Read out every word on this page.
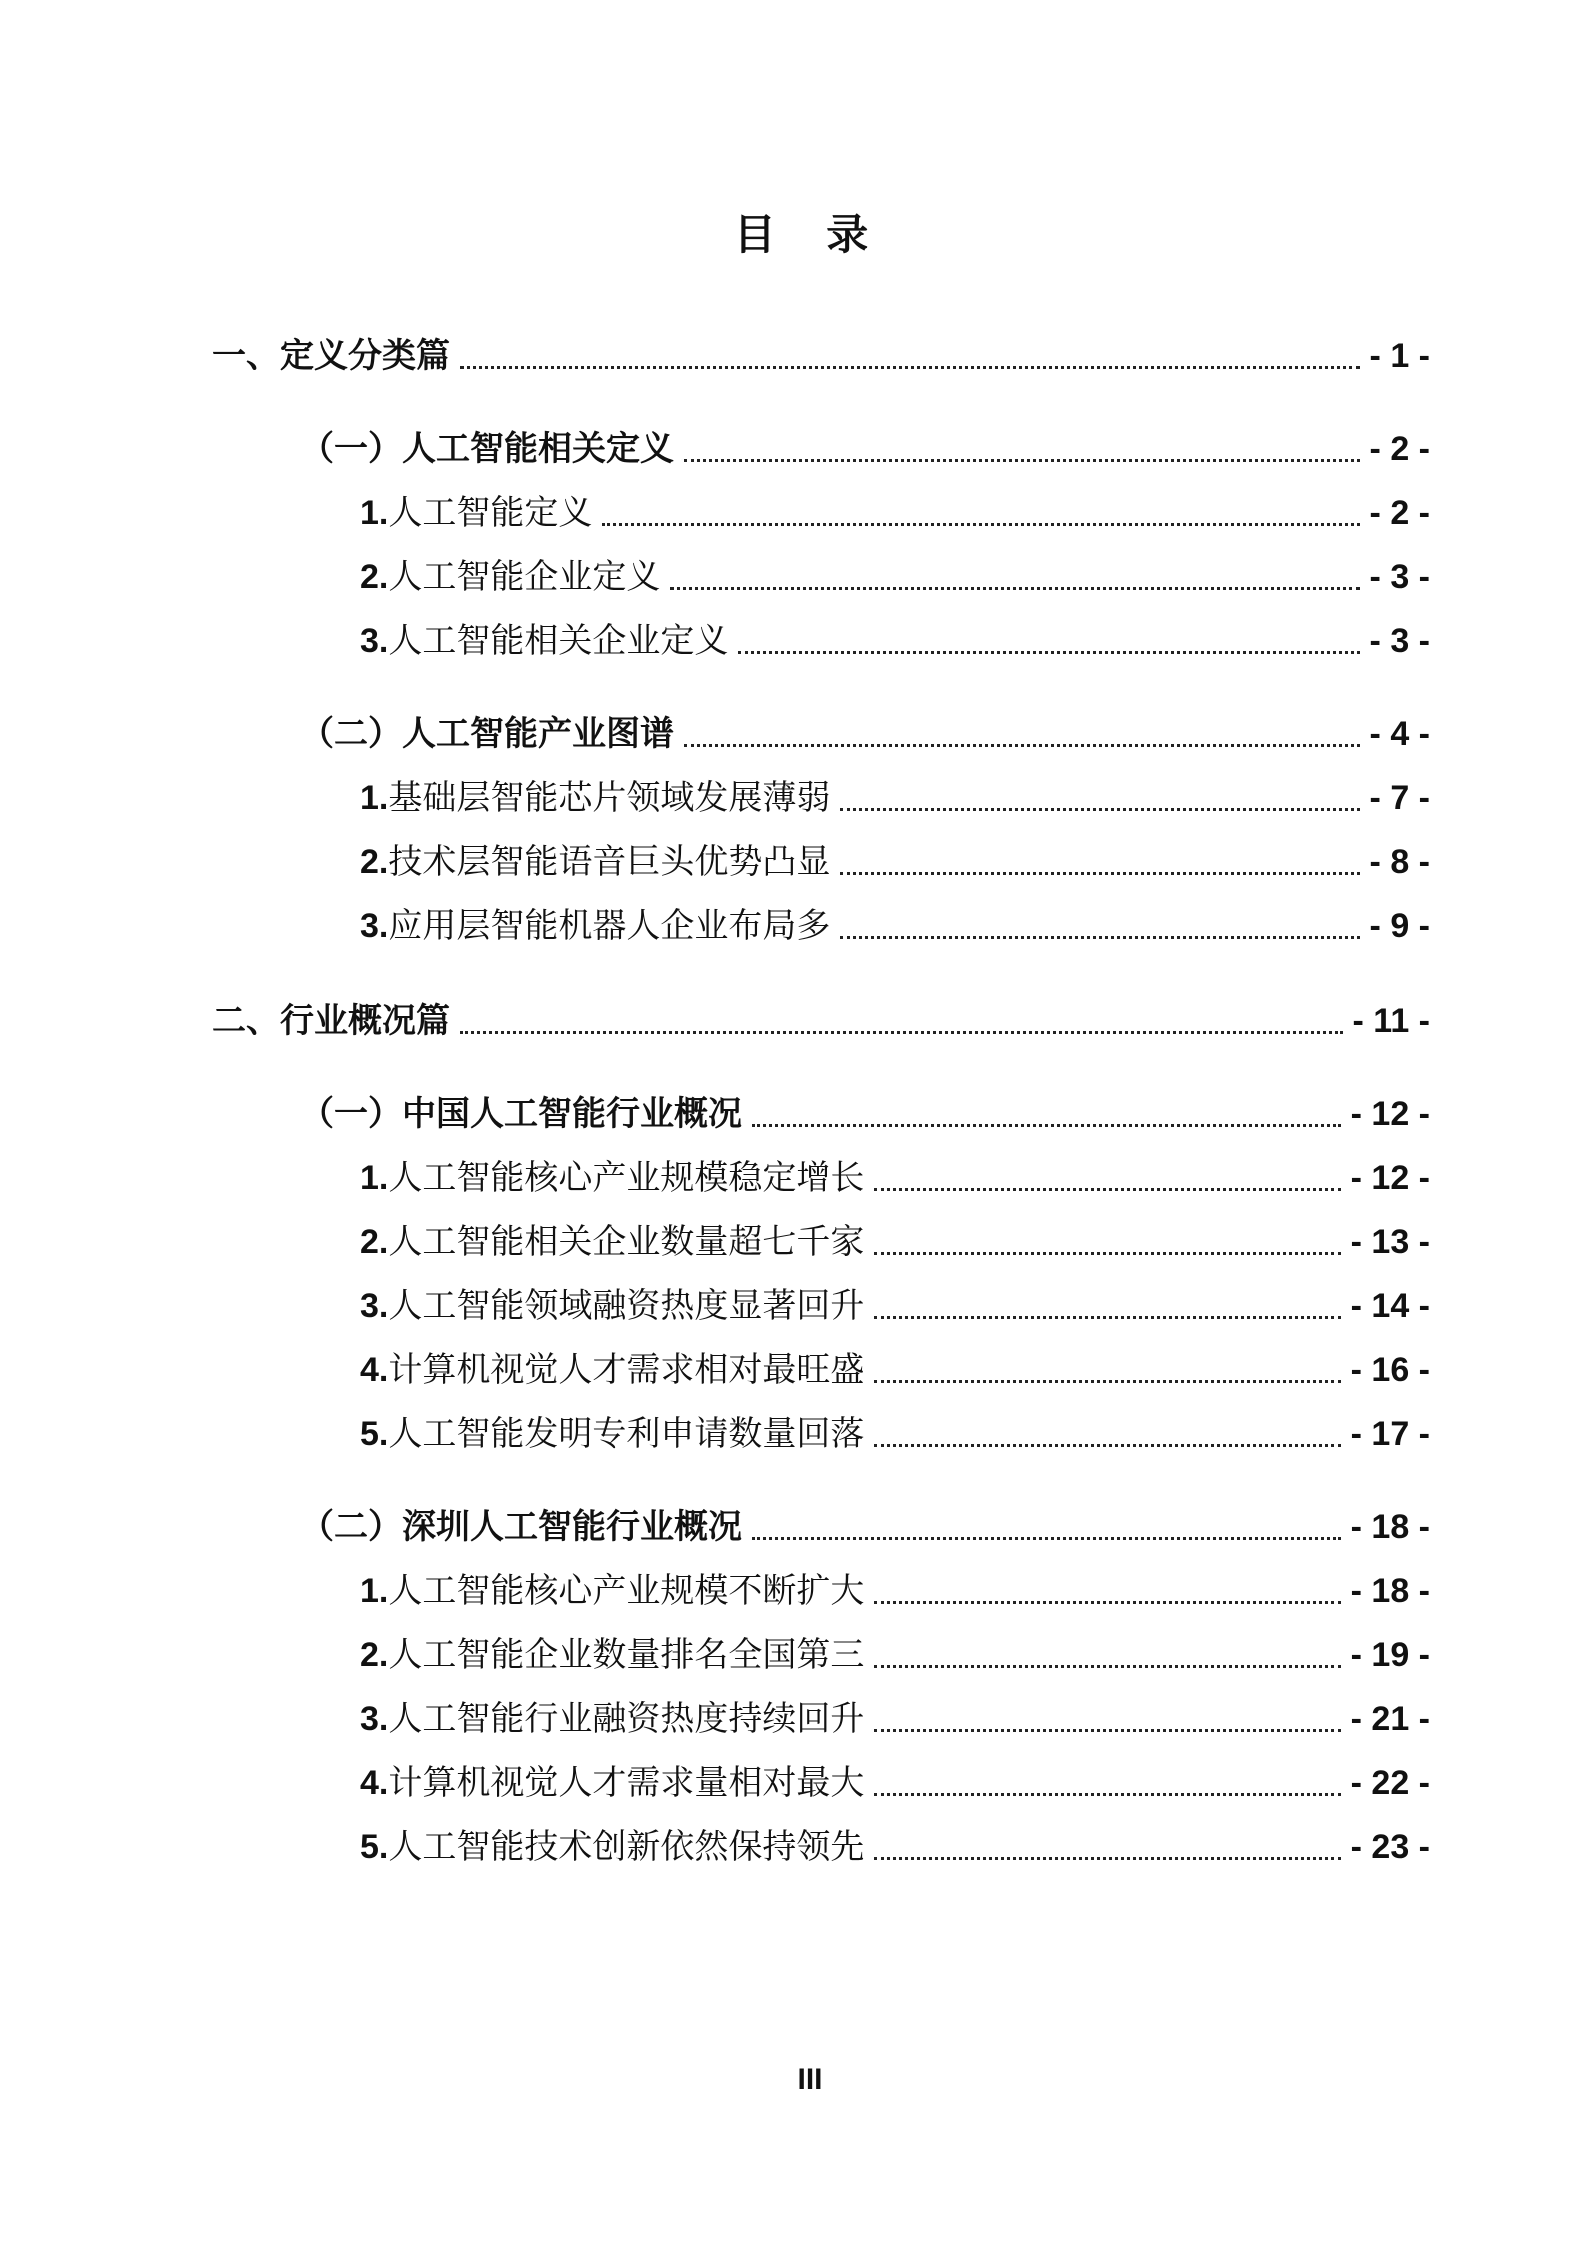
目 录
一、定义分类篇	- 1 -
（一）人工智能相关定义	- 2 -
1.人工智能定义	- 2 -
2.人工智能企业定义	- 3 -
3.人工智能相关企业定义	- 3 -
（二）人工智能产业图谱	- 4 -
1.基础层智能芯片领域发展薄弱	- 7 -
2.技术层智能语音巨头优势凸显	- 8 -
3.应用层智能机器人企业布局多	- 9 -
二、行业概况篇	- 11 -
（一）中国人工智能行业概况	- 12 -
1.人工智能核心产业规模稳定增长	- 12 -
2.人工智能相关企业数量超七千家	- 13 -
3.人工智能领域融资热度显著回升	- 14 -
4.计算机视觉人才需求相对最旺盛	- 16 -
5.人工智能发明专利申请数量回落	- 17 -
（二）深圳人工智能行业概况	- 18 -
1.人工智能核心产业规模不断扩大	- 18 -
2.人工智能企业数量排名全国第三	- 19 -
3.人工智能行业融资热度持续回升	- 21 -
4.计算机视觉人才需求量相对最大	- 22 -
5.人工智能技术创新依然保持领先	- 23 -
III
